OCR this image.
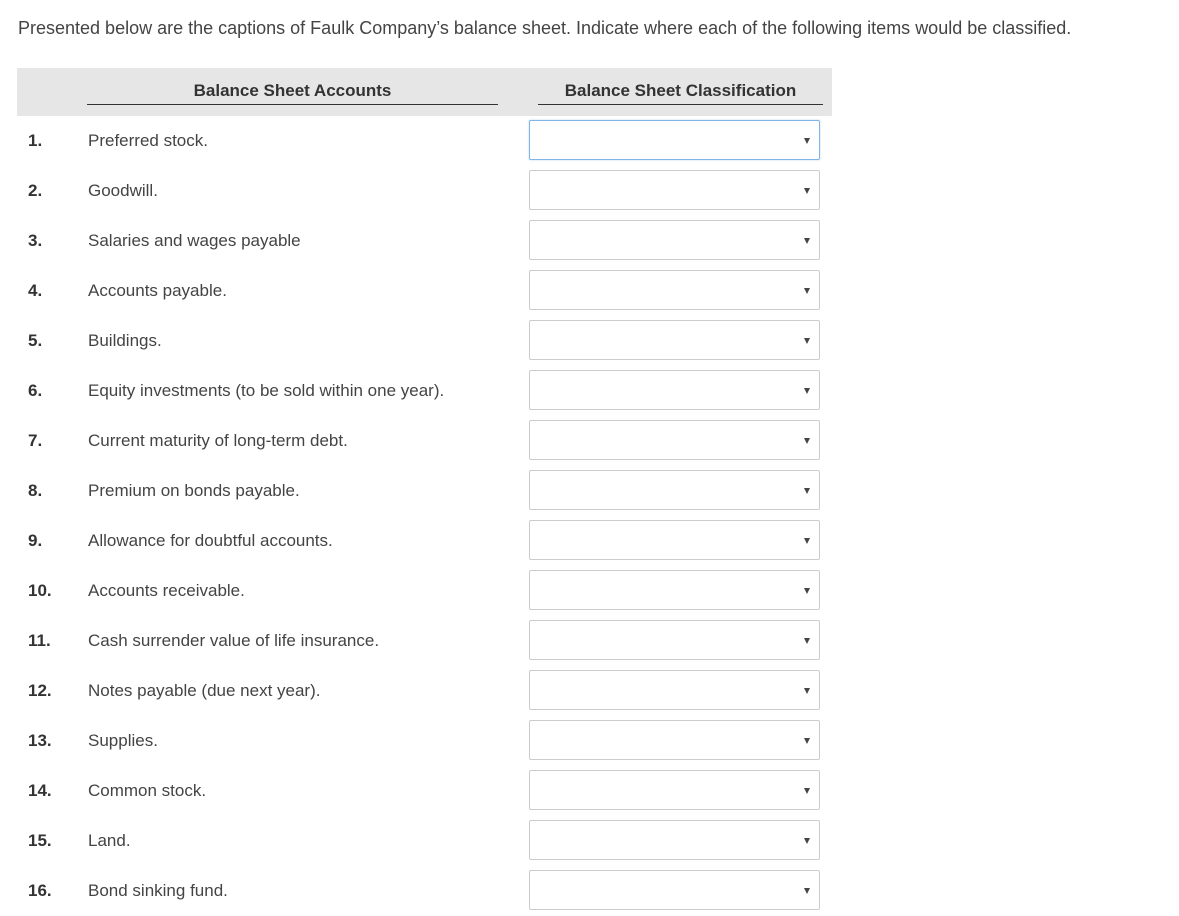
Presented below are the captions of Faulk Company’s balance sheet. Indicate where each of the following items would be classified.
Balance Sheet Accounts	Balance Sheet Classification
1.	Preferred stock.
2.	Goodwill.
3.	Salaries and wages payable
4.	Accounts payable.
5.	Buildings.
6.	Equity investments (to be sold within one year).
7.	Current maturity of long-term debt.
8.	Premium on bonds payable.
9.	Allowance for doubtful accounts.
10. Accounts receivable.
11. Cash surrender value of life insurance.
12. Notes payable (due next year).
13. Supplies.
14. Common stock.
15. Land.
16. Bond sinking fund.
